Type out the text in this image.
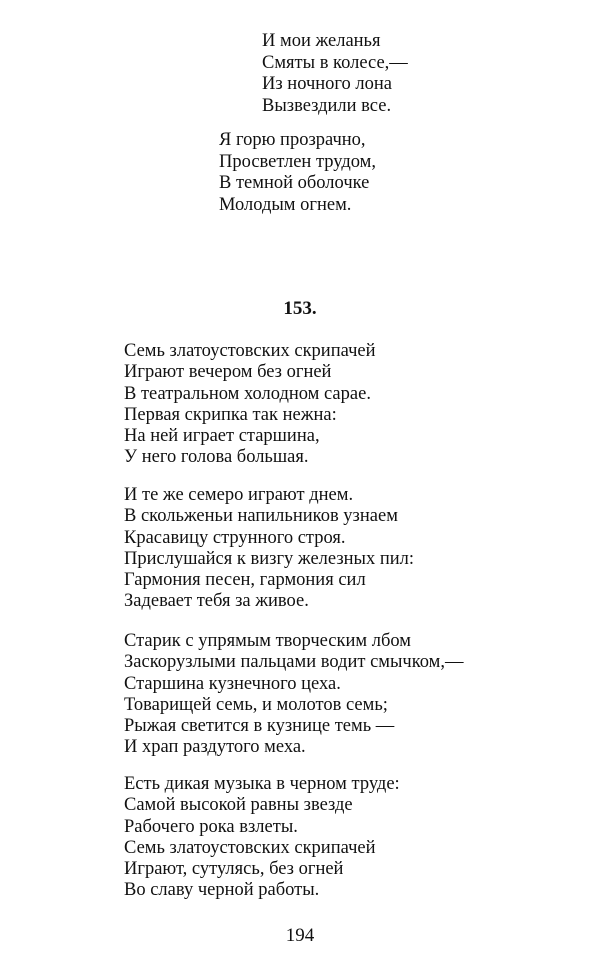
И мои желанья
Смяты в колесе,—
Из ночного лона
Вызвездили все.
Я горю прозрачно,
Просветлен трудом,
В темной оболочке
Молодым огнем.
153.
Семь златоустовских скрипачей
Играют вечером без огней
В театральном холодном сарае.
Первая скрипка так нежна:
На ней играет старшина,
У него голова большая.
И те же семеро играют днем.
В скольженьи напильников узнаем
Красавицу струнного строя.
Прислушайся к визгу железных пил:
Гармония песен, гармония сил
Задевает тебя за живое.
Старик с упрямым творческим лбом
Заскорузлыми пальцами водит смычком,—
Старшина кузнечного цеха.
Товарищей семь, и молотов семь;
Рыжая светится в кузнице темь —
И храп раздутого меха.
Есть дикая музыка в черном труде:
Самой высокой равны звезде
Рабочего рока взлеты.
Семь златоустовских скрипачей
Играют, сутулясь, без огней
Во славу черной работы.
194
